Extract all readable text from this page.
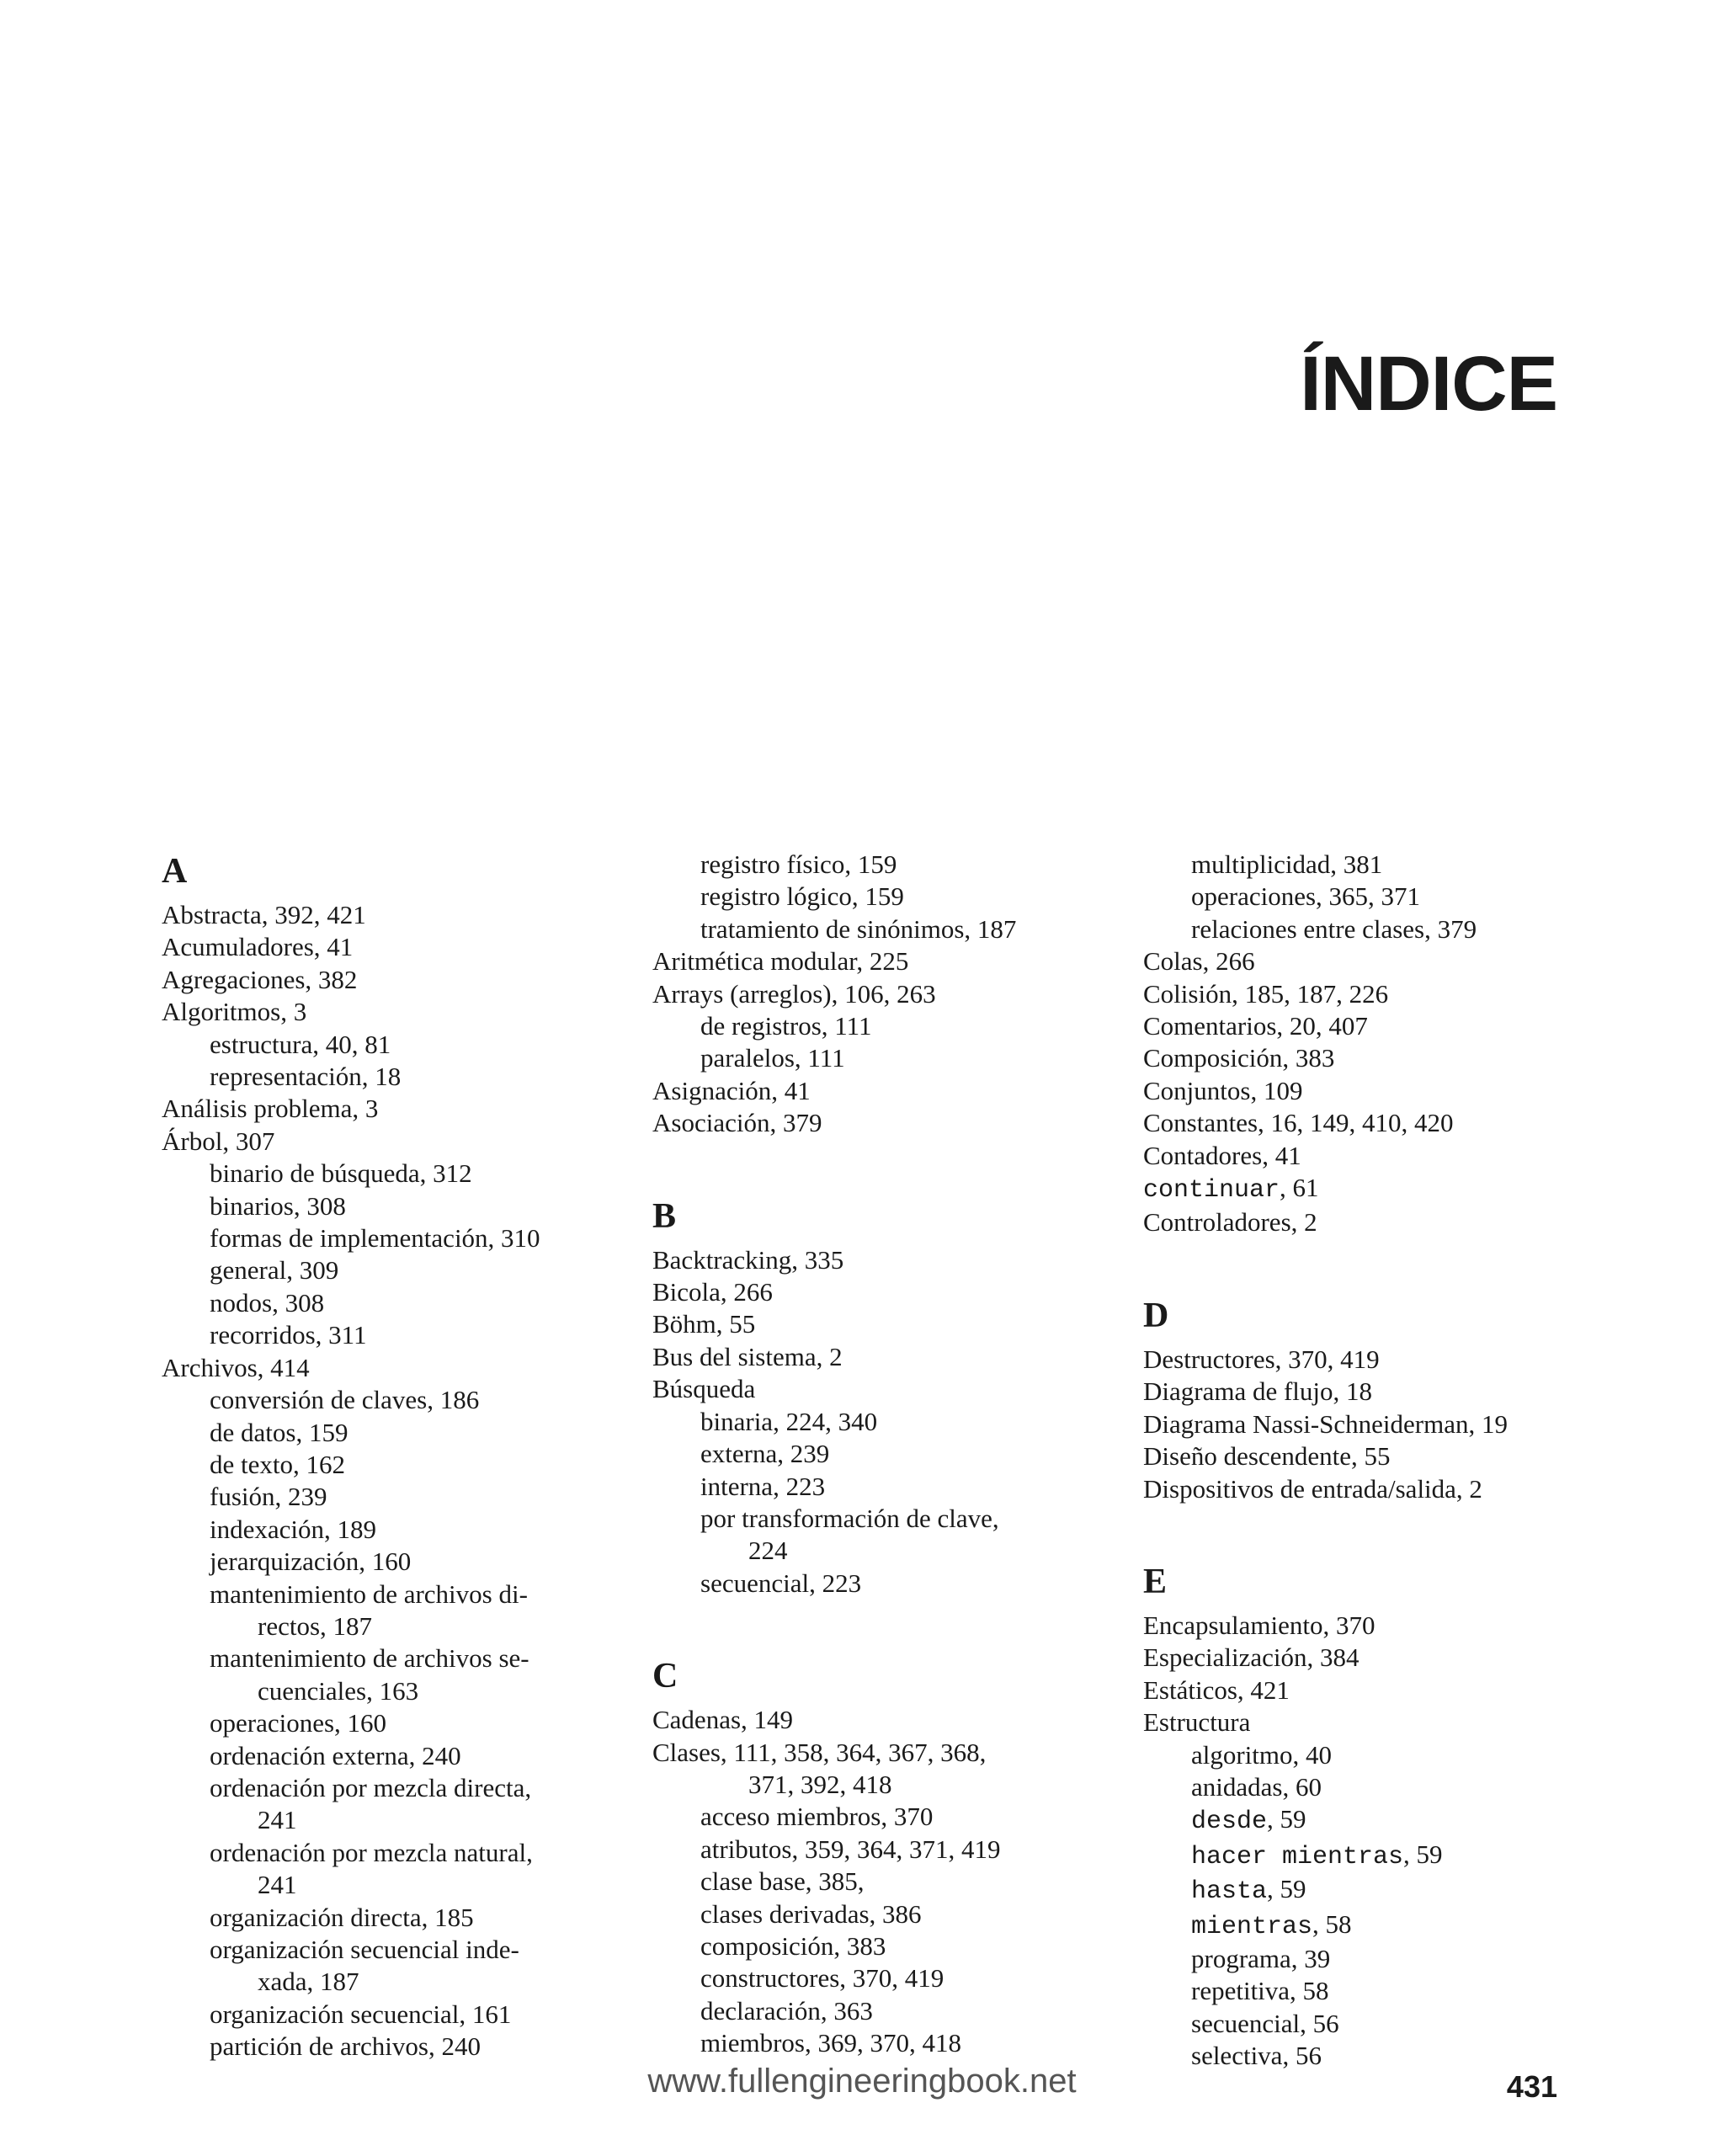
ÍNDICE
A
Abstracta, 392, 421
Acumuladores, 41
Agregaciones, 382
Algoritmos, 3
estructura, 40, 81
representación, 18
Análisis problema, 3
Árbol, 307
binario de búsqueda, 312
binarios, 308
formas de implementación, 310
general, 309
nodos, 308
recorridos, 311
Archivos, 414
conversión de claves, 186
de datos, 159
de texto, 162
fusión, 239
indexación, 189
jerarquización, 160
mantenimiento de archivos di-
rectos, 187
mantenimiento de archivos se-
cuenciales, 163
operaciones, 160
ordenación externa, 240
ordenación por mezcla directa,
241
ordenación por mezcla natural,
241
organización directa, 185
organización secuencial inde-
xada, 187
organización secuencial, 161
partición de archivos, 240
registro físico, 159
registro lógico, 159
tratamiento de sinónimos, 187
Aritmética modular, 225
Arrays (arreglos), 106, 263
de registros, 111
paralelos, 111
Asignación, 41
Asociación, 379
B
Backtracking, 335
Bicola, 266
Böhm, 55
Bus del sistema, 2
Búsqueda
binaria, 224, 340
externa, 239
interna, 223
por transformación de clave,
224
secuencial, 223
C
Cadenas, 149
Clases, 111, 358, 364, 367, 368,
371, 392, 418
acceso miembros, 370
atributos, 359, 364, 371, 419
clase base, 385,
clases derivadas, 386
composición, 383
constructores, 370, 419
declaración, 363
miembros, 369, 370, 418
multiplicidad, 381
operaciones, 365, 371
relaciones entre clases, 379
Colas, 266
Colisión, 185, 187, 226
Comentarios, 20, 407
Composición, 383
Conjuntos, 109
Constantes, 16, 149, 410, 420
Contadores, 41
continuar, 61
Controladores, 2
D
Destructores, 370, 419
Diagrama de flujo, 18
Diagrama Nassi-Schneiderman, 19
Diseño descendente, 55
Dispositivos de entrada/salida, 2
E
Encapsulamiento, 370
Especialización, 384
Estáticos, 421
Estructura
algoritmo, 40
anidadas, 60
desde, 59
hacer mientras, 59
hasta, 59
mientras, 58
programa, 39
repetitiva, 58
secuencial, 56
selectiva, 56
www.fullengineeringbook.net	431
